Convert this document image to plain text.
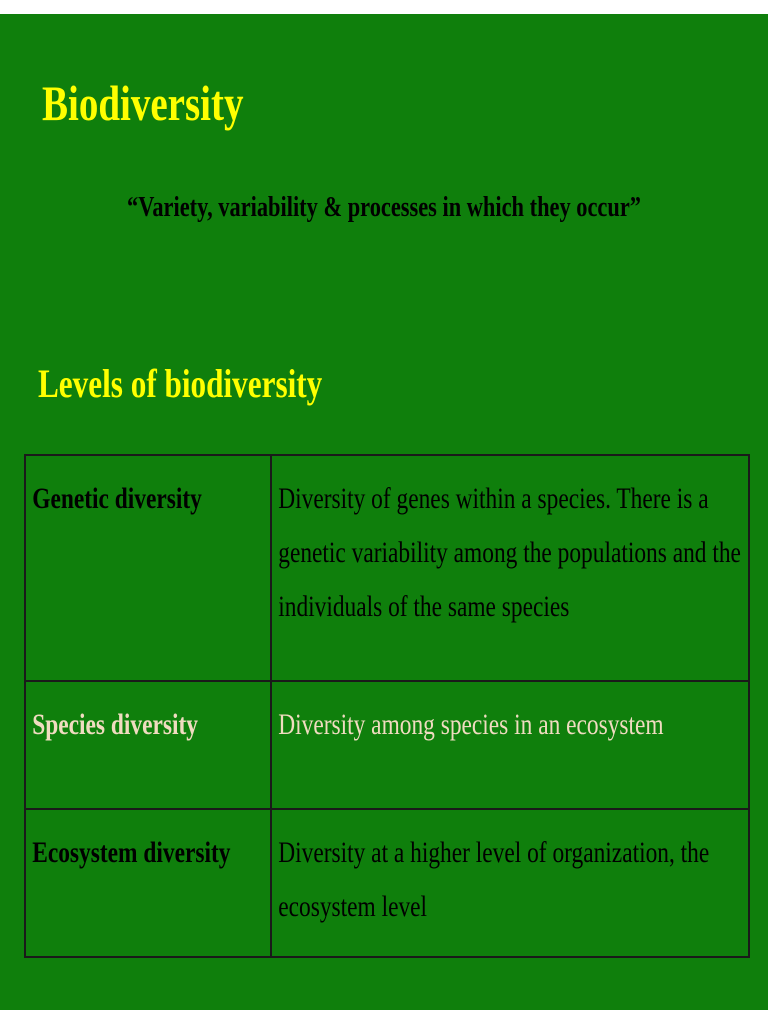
Biodiversity
“Variety, variability & processes in which they occur”
Levels of biodiversity
Genetic diversity	Diversity of genes within a species. There is a genetic variability among the populations and the individuals of the same species

Species diversity	Diversity among species in an ecosystem

Ecosystem diversity	Diversity at a higher level of organization, the ecosystem level
